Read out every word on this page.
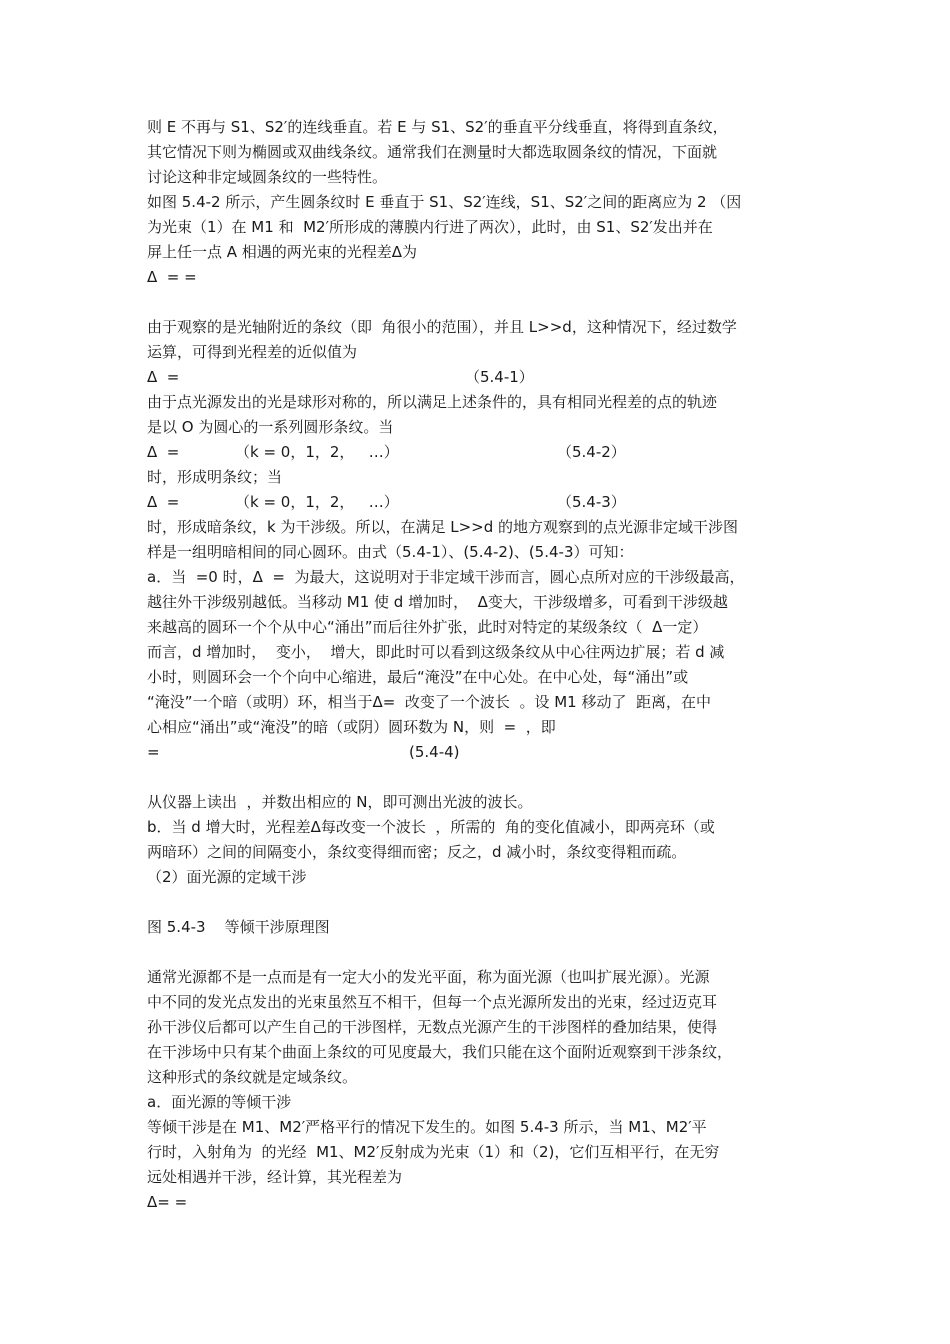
则 E 不再与 S1、S2′的连线垂直。若 E 与 S1、S2′的垂直平分线垂直，将得到直条纹，
其它情况下则为椭圆或双曲线条纹。通常我们在测量时大都选取圆条纹的情况，下面就
讨论这种非定域圆条纹的一些特性。
如图 5.4-2 所示，产生圆条纹时 E 垂直于 S1、S2′连线，S1、S2′之间的距离应为 2 （因
为光束（1）在 M1 和  M2′所形成的薄膜内行进了两次），此时，由 S1、S2′发出并在
屏上任一点 A 相遇的两光束的光程差Δ为
Δ  = =
由于观察的是光轴附近的条纹（即  角很小的范围），并且 L>>d，这种情况下，经过数学
运算，可得到光程差的近似值为

Δ  =

	（5.4-1）

由于点光源发出的光是球形对称的，所以满足上述条件的，具有相同光程差的点的轨迹
是以 O 为圆心的一系列圆形条纹。当

Δ  =

	（k = 0，1，2，   …）

	（5.4-2）

时，形成明条纹；当

Δ  =

	（k = 0，1，2，   …）

	（5.4-3）

时，形成暗条纹，k 为干涉级。所以，在满足 L>>d 的地方观察到的点光源非定域干涉图
样是一组明暗相间的同心圆环。由式（5.4-1）、(5.4-2)、(5.4-3）可知：
a．当  =0 时，Δ  =  为最大，这说明对于非定域干涉而言，圆心点所对应的干涉级最高，
越往外干涉级别越低。当移动 M1 使 d 增加时，  Δ变大，干涉级增多，可看到干涉级越
来越高的圆环一个个从中心“涌出”而后往外扩张，此时对特定的某级条纹（  Δ一定）
而言，d 增加时，  变小，  增大，即此时可以看到这级条纹从中心往两边扩展；若 d 减
小时，则圆环会一个个向中心缩进，最后“淹没”在中心处。在中心处，每“涌出”或
“淹没”一个暗（或明）环，相当于Δ=  改变了一个波长  。设 M1 移动了  距离，在中
心相应“涌出”或“淹没”的暗（或阴）圆环数为 N，则  =  ，即

=

	(5.4-4)

从仪器上读出  ，并数出相应的 N，即可测出光波的波长。
b．当 d 增大时，光程差Δ每改变一个波长  ，所需的  角的变化值减小，即两亮环（或
两暗环）之间的间隔变小，条纹变得细而密；反之，d 减小时，条纹变得粗而疏。
（2）面光源的定域干涉
图 5.4-3    等倾干涉原理图
通常光源都不是一点而是有一定大小的发光平面，称为面光源（也叫扩展光源）。光源
中不同的发光点发出的光束虽然互不相干，但每一个点光源所发出的光束，经过迈克耳
孙干涉仪后都可以产生自己的干涉图样，无数点光源产生的干涉图样的叠加结果，使得
在干涉场中只有某个曲面上条纹的可见度最大，我们只能在这个面附近观察到干涉条纹，
这种形式的条纹就是定域条纹。
a．面光源的等倾干涉
等倾干涉是在 M1、M2′严格平行的情况下发生的。如图 5.4-3 所示，当 M1、M2′平
行时，入射角为  的光经  M1、M2′反射成为光束（1）和（2)，它们互相平行，在无穷
远处相遇并干涉，经计算，其光程差为
Δ= =
